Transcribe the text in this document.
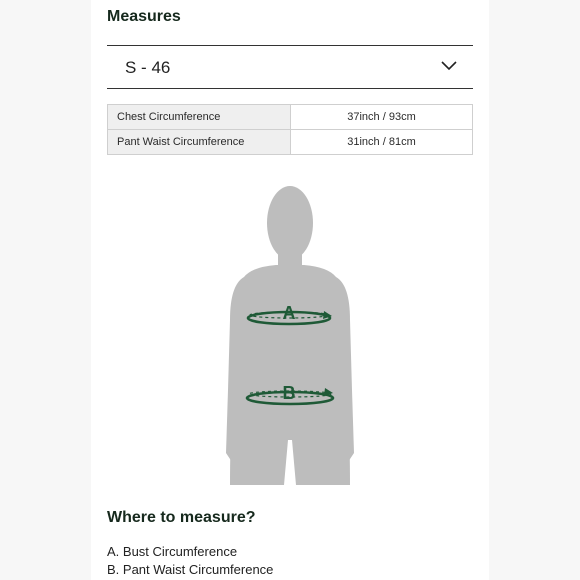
Measures
S - 46
Chest Circumference	37inch / 93cm
Pant Waist Circumference	31inch / 81cm
A
B
Where to measure?
A. Bust Circumference
B. Pant Waist Circumference
